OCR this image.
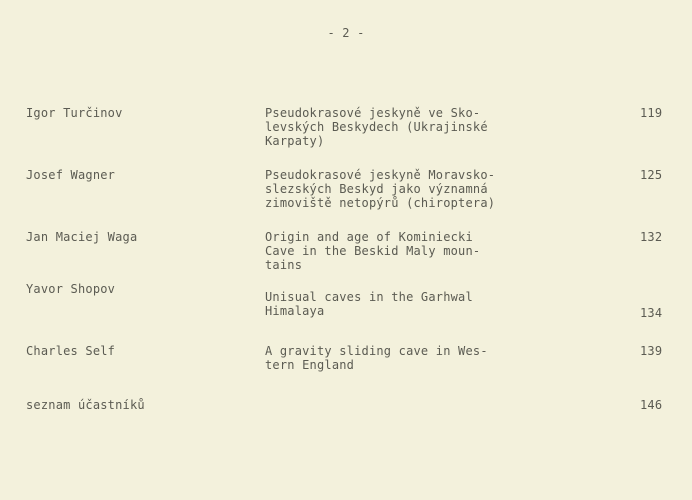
- 2 -
Igor Turčinov	Pseudokrasové jeskyně ve Sko-
levských Beskydech (Ukrajinské
Karpaty)
119
Josef Wagner	Pseudokrasové jeskyně Moravsko-
slezských Beskyd jako významná
zimoviště netopýrů (chiroptera)
125
Jan Maciej Waga	Origin and age of Kominiecki
Cave in the Beskid Maly moun-
tains
132
Yavor Shopov
Unisual caves in the Garhwal
Himalaya	134
Charles Self	A gravity sliding cave in Wes-
tern England
139
seznam účastníků	146
